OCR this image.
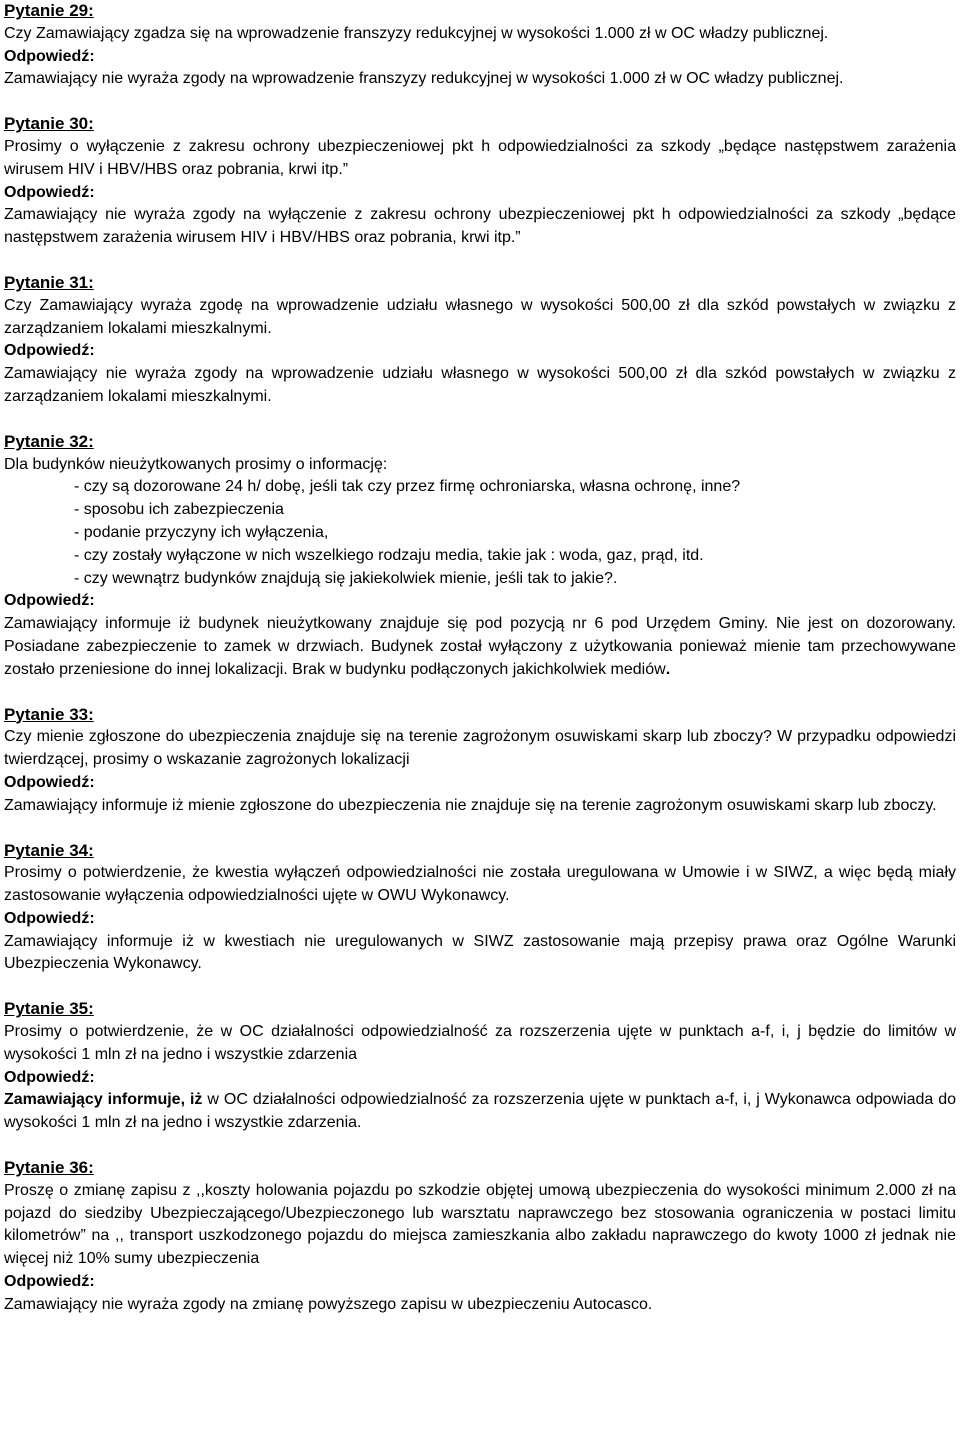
Pytanie 29:

Czy Zamawiający zgadza się na wprowadzenie franszyzy redukcyjnej w wysokości 1.000 zł w OC władzy publicznej.

Odpowiedź:

Zamawiający nie wyraża zgody na wprowadzenie franszyzy redukcyjnej w wysokości 1.000 zł w OC władzy publicznej.

Pytanie 30:

Prosimy o wyłączenie z zakresu ochrony ubezpieczeniowej pkt h odpowiedzialności za szkody „będące następstwem zarażenia wirusem HIV i HBV/HBS oraz pobrania, krwi itp.”

Odpowiedź:

Zamawiający nie wyraża zgody na wyłączenie z zakresu ochrony ubezpieczeniowej pkt h odpowiedzialności za szkody „będące następstwem zarażenia wirusem HIV i HBV/HBS oraz pobrania, krwi itp.”

Pytanie 31:

Czy Zamawiający wyraża zgodę na wprowadzenie udziału własnego w wysokości 500,00 zł dla szkód powstałych w związku z zarządzaniem lokalami mieszkalnymi.

Odpowiedź:

Zamawiający nie wyraża zgody na wprowadzenie udziału własnego w wysokości 500,00 zł dla szkód powstałych w związku z zarządzaniem lokalami mieszkalnymi.

Pytanie 32:

Dla budynków nieużytkowanych prosimy o informację:

- czy są dozorowane 24 h/ dobę, jeśli tak czy przez firmę ochroniarska, własna ochronę, inne?

- sposobu ich zabezpieczenia

- podanie przyczyny ich wyłączenia,

- czy zostały wyłączone w nich wszelkiego rodzaju media, takie jak : woda, gaz, prąd, itd.

- czy wewnątrz budynków znajdują się jakiekolwiek mienie, jeśli tak to jakie?.

Odpowiedź:

Zamawiający informuje iż budynek nieużytkowany znajduje się pod pozycją nr 6 pod Urzędem Gminy. Nie jest on dozorowany. Posiadane zabezpieczenie to zamek w drzwiach. Budynek został wyłączony z użytkowania ponieważ mienie tam przechowywane zostało przeniesione do innej lokalizacji. Brak w budynku podłączonych jakichkolwiek mediów.

Pytanie 33:

Czy mienie zgłoszone do ubezpieczenia znajduje się na terenie zagrożonym osuwiskami skarp lub zboczy? W przypadku odpowiedzi twierdzącej, prosimy o wskazanie zagrożonych lokalizacji

Odpowiedź:

Zamawiający informuje iż mienie zgłoszone do ubezpieczenia nie znajduje się na terenie zagrożonym osuwiskami skarp lub zboczy.

Pytanie 34:

Prosimy o potwierdzenie, że kwestia wyłączeń odpowiedzialności nie została uregulowana w Umowie i w SIWZ, a więc będą miały zastosowanie wyłączenia odpowiedzialności ujęte w OWU Wykonawcy.

Odpowiedź:

Zamawiający informuje iż w kwestiach nie uregulowanych w SIWZ zastosowanie mają przepisy prawa oraz Ogólne Warunki Ubezpieczenia Wykonawcy.

Pytanie 35:

Prosimy o potwierdzenie, że w OC działalności odpowiedzialność za rozszerzenia ujęte w punktach a-f, i, j będzie do limitów w wysokości 1 mln zł na jedno i wszystkie zdarzenia

Odpowiedź:

Zamawiający informuje, iż w OC działalności odpowiedzialność za rozszerzenia ujęte w punktach a-f, i, j Wykonawca odpowiada do wysokości 1 mln zł na jedno i wszystkie zdarzenia.

Pytanie 36:

Proszę o zmianę zapisu z ,,koszty holowania pojazdu po szkodzie objętej umową ubezpieczenia do wysokości minimum 2.000 zł na pojazd do siedziby Ubezpieczającego/Ubezpieczonego lub warsztatu naprawczego bez stosowania ograniczenia w postaci limitu kilometrów” na ,, transport uszkodzonego pojazdu do miejsca zamieszkania albo zakładu naprawczego do kwoty 1000 zł jednak nie więcej niż 10% sumy ubezpieczenia

Odpowiedź:

Zamawiający nie wyraża zgody na zmianę powyższego zapisu w ubezpieczeniu Autocasco.
